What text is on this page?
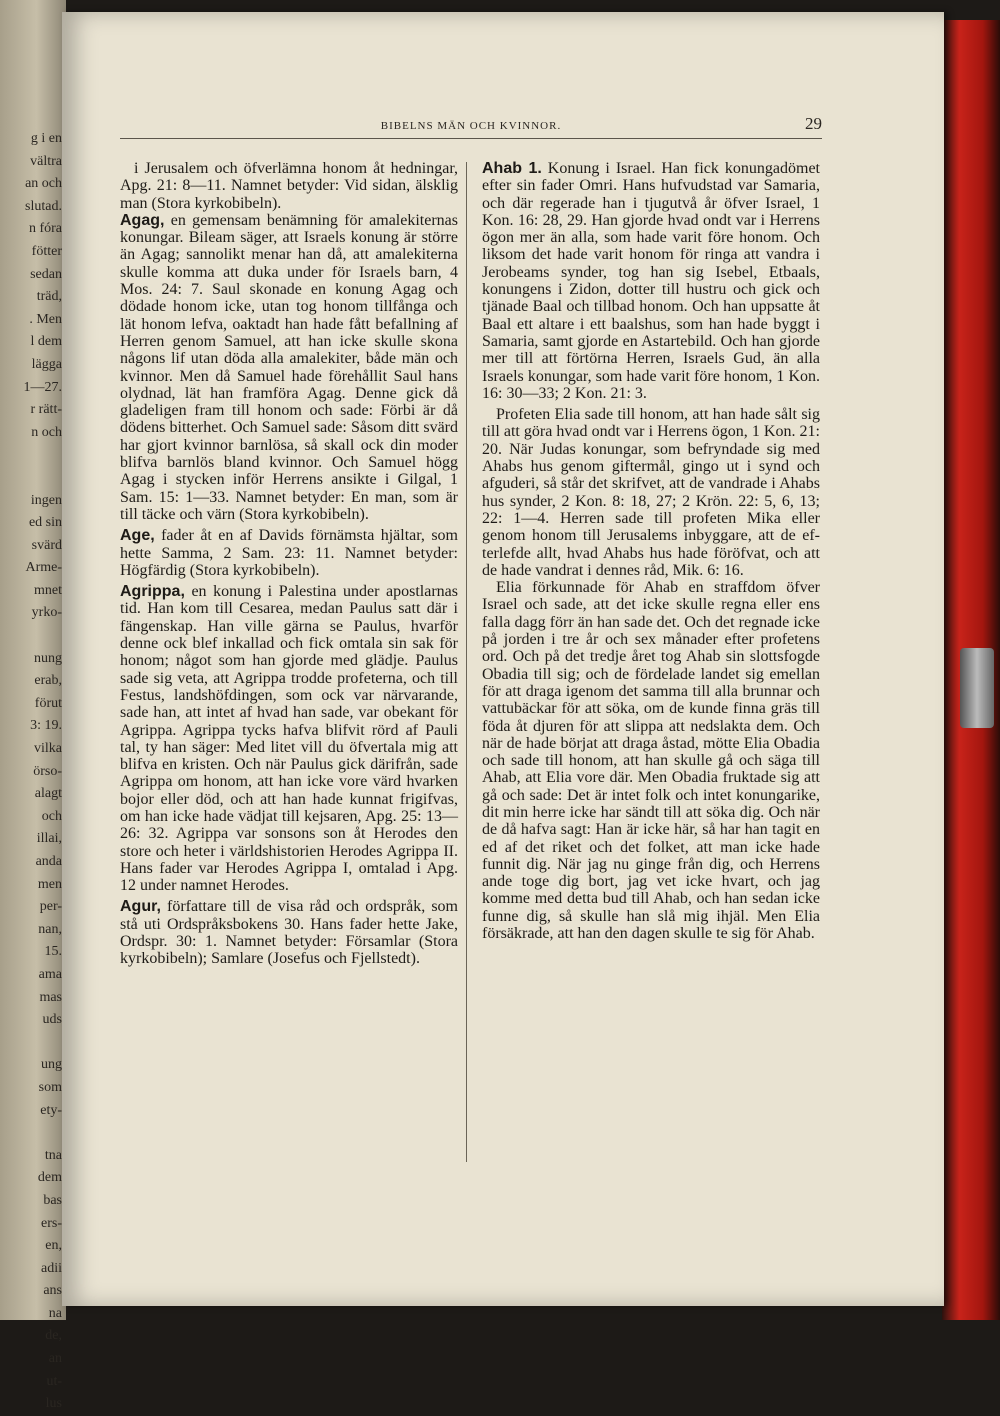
g i en
vältra
an och
slutad.
n fóra
fötter
sedan
träd,
. Men
l dem
lägga
1—27.
r rätt-
n och

ingen
ed sin
svärd
Arme-
mnet
yrko-

nung
erab,
förut
3: 19.
vilka
örso-
alagt
och
illai,
anda
men
per-
nan,
15.
ama
mas
uds

ung
som
ety-

tna
dem
bas
ers-
en,
adii
ans
na
de,
an
ut-
lus
BIBELNS MÄN OCH KVINNOR.	29

i Jerusalem och öfverlämna honom åt hedningar, Apg. 21: 8—11. Namnet betyder: Vid sidan, älsklig man (Stora kyrkobibeln).

Agag, en gemensam benämning för amalekiternas konungar. Bileam säger, att Israels konung är större än Agag; sannolikt menar han då, att amalekiterna skulle komma att duka under för Israels barn, 4 Mos. 24: 7. Saul skonade en konung Agag och dödade honom icke, utan tog honom tillfånga och lät honom lefva, oaktadt han hade fått befallning af Herren genom Samuel, att han icke skulle skona någons lif utan döda alla amalekiter, både män och kvinnor. Men då Samuel hade förehållit Saul hans olydnad, lät han framföra Agag. Denne gick då gladeligen fram till honom och sade: Förbi är då dödens bitterhet. Och Samuel sade: Såsom ditt svärd har gjort kvinnor barnlösa, så skall ock din moder blifva barnlös bland kvinnor. Och Samuel högg Agag i stycken inför Herrens ansikte i Gilgal, 1 Sam. 15: 1—33. Namnet betyder: En man, som är till täcke och värn (Stora kyrkobibeln).

Age, fader åt en af Davids förnämsta hjältar, som hette Samma, 2 Sam. 23: 11. Namnet betyder: Högfärdig (Stora kyrkobibeln).

Agrippa, en konung i Palestina under apostlarnas tid. Han kom till Cesarea, medan Paulus satt där i fängenskap. Han ville gärna se Paulus, hvarför denne ock blef inkallad och fick omtala sin sak för honom; något som han gjorde med glädje. Paulus sade sig veta, att Agrippa trodde profeterna, och till Festus, landshöfdingen, som ock var närvarande, sade han, att intet af hvad han sade, var obekant för Agrippa. Agrippa tycks hafva blifvit rörd af Pauli tal, ty han säger: Med litet vill du öfvertala mig att blifva en kristen. Och när Paulus gick därifrån, sade Agrippa om honom, att han icke vore värd hvarken bojor eller död, och att han hade kunnat frigifvas, om han icke hade vädjat till kejsaren, Apg. 25: 13—26: 32. Agrippa var sonsons son åt Herodes den store och heter i världshistorien Herodes Agrippa II. Hans fader var Herodes Agrippa I, omtalad i Apg. 12 under namnet Herodes.

Agur, författare till de visa råd och ordspråk, som stå uti Ordspråksbokens 30. Hans fader hette Jake, Ordspr. 30: 1. Namnet betyder: Församlar (Stora kyrkobibeln); Samlare (Josefus och Fjellstedt).

Ahab 1. Konung i Israel. Han fick konungadömet efter sin fader Omri. Hans hufvudstad var Samaria, och där regerade han i tjugutvå år öfver Israel, 1 Kon. 16: 28, 29. Han gjorde hvad ondt var i Herrens ögon mer än alla, som hade varit före honom. Och liksom det hade varit honom för ringa att vandra i Jerobeams synder, tog han sig Isebel, Etbaals, konungens i Zidon, dotter till hustru och gick och tjänade Baal och tillbad honom. Och han uppsatte åt Baal ett altare i ett baalshus, som han hade byggt i Samaria, samt gjorde en Astartebild. Och han gjorde mer till att förtörna Herren, Israels Gud, än alla Israels konungar, som hade varit före honom, 1 Kon. 16: 30—33; 2 Kon. 21: 3.

Profeten Elia sade till honom, att han hade sålt sig till att göra hvad ondt var i Herrens ögon, 1 Kon. 21: 20. När Judas konungar, som befryndade sig med Ahabs hus genom giftermål, gingo ut i synd och afguderi, så står det skrifvet, att de vandrade i Ahabs hus synder, 2 Kon. 8: 18, 27; 2 Krön. 22: 5, 6, 13; 22: 1—4. Herren sade till profeten Mika eller genom honom till Jerusalems inbyggare, att de efterlefde allt, hvad Ahabs hus hade föröfvat, och att de hade vandrat i dennes råd, Mik. 6: 16.

Elia förkunnade för Ahab en straffdom öfver Israel och sade, att det icke skulle regna eller ens falla dagg förr än han sade det. Och det regnade icke på jorden i tre år och sex månader efter profetens ord. Och på det tredje året tog Ahab sin slottsfogde Obadia till sig; och de fördelade landet sig emellan för att draga igenom det samma till alla brunnar och vattubäckar för att söka, om de kunde finna gräs till föda åt djuren för att slippa att nedslakta dem. Och när de hade börjat att draga åstad, mötte Elia Obadia och sade till honom, att han skulle gå och säga till Ahab, att Elia vore där. Men Obadia fruktade sig att gå och sade: Det är intet folk och intet konungarike, dit min herre icke har sändt till att söka dig. Och när de då hafva sagt: Han är icke här, så har han tagit en ed af det riket och det folket, att man icke hade funnit dig. När jag nu ginge från dig, och Herrens ande toge dig bort, jag vet icke hvart, och jag komme med detta bud till Ahab, och han sedan icke funne dig, så skulle han slå mig ihjäl. Men Elia försäkrade, att han den dagen skulle te sig för Ahab.
